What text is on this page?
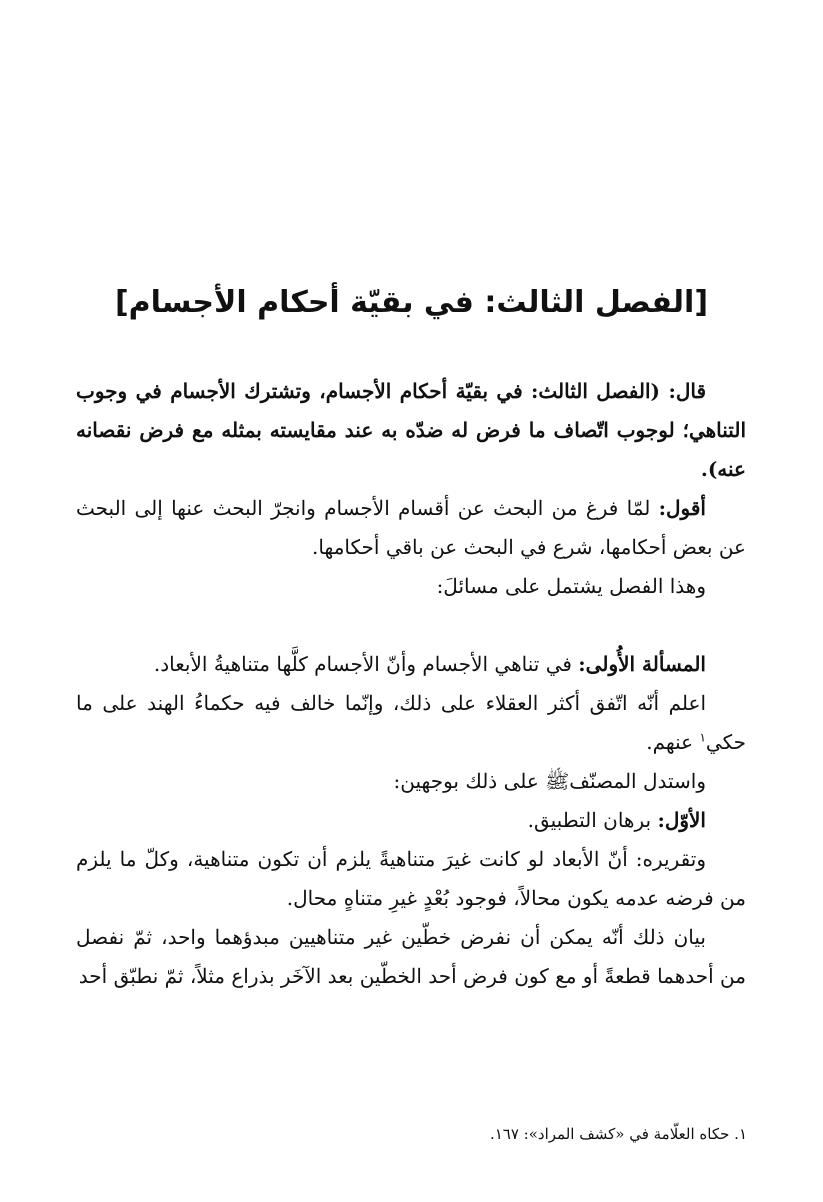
[الفصل الثالث: في بقيّة أحكام الأجسام]

قال: (الفصل الثالث: في بقيّة أحكام الأجسام، وتشترك الأجسام في وجوب التناهي؛ لوجوب اتّصاف ما فرض له ضدّه به عند مقايسته بمثله مع فرض نقصانه عنه).

أقول: لمّا فرغ من البحث عن أقسام الأجسام وانجرّ البحث عنها إلى البحث عن بعض أحكامها، شرع في البحث عن باقي أحكامها.

وهذا الفصل يشتمل على مسائلَ:

المسألة الأُولى: في تناهي الأجسام وأنّ الأجسام كلَّها متناهيةُ الأبعاد.

اعلم أنّه اتّفق أكثر العقلاء على ذلك، وإنّما خالف فيه حكماءُ الهند على ما حكي$^١$ عنهم.

واستدل المصنّفﷺ على ذلك بوجهين:

الأوّل: برهان التطبيق.

وتقريره: أنّ الأبعاد لو كانت غيرَ متناهيةً يلزم أن تكون متناهية، وكلّ ما يلزم من فرضه عدمه يكون محالاً، فوجود بُعْدٍ غيرِ متناهٍ محال.

بيان ذلك أنّه يمكن أن نفرض خطّين غير متناهيين مبدؤهما واحد، ثمّ نفصل من أحدهما قطعةً أو مع كون فرض أحد الخطّين بعد الآخَر بذراع مثلاً، ثمّ نطبّق أحد

١. حكاه العلّامة في «كشف المراد»: ١٦٧.
